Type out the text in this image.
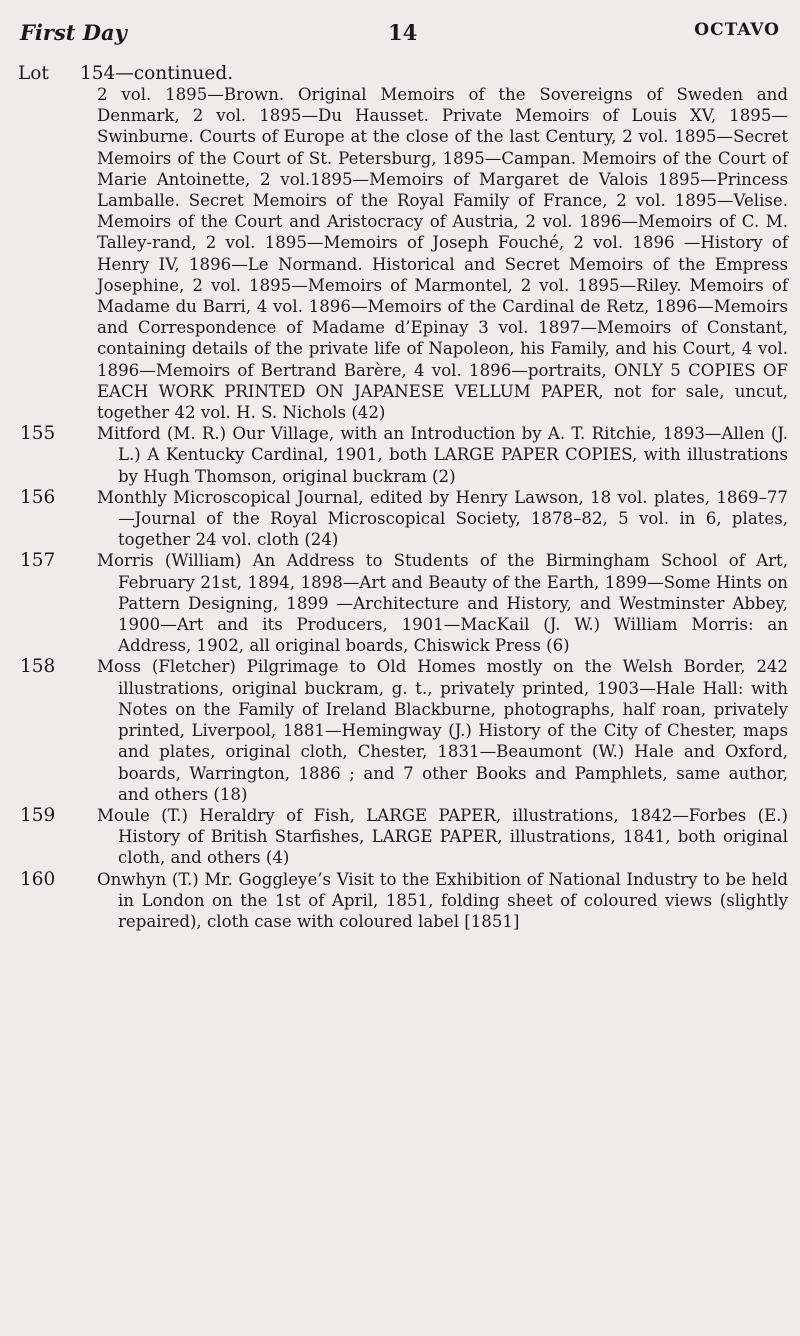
First Day	14	OCTAVO
Lot 154—continued.
2 vol. 1895—Brown. Original Memoirs of the Sovereigns of Sweden and Denmark, 2 vol. 1895—Du Hausset. Private Memoirs of Louis XV, 1895—Swinburne. Courts of Europe at the close of the last Century, 2 vol. 1895—Secret Memoirs of the Court of St. Petersburg, 1895—Campan. Memoirs of the Court of Marie Antoinette, 2 vol.1895—Memoirs of Margaret de Valois 1895—Princess Lamballe. Secret Memoirs of the Royal Family of France, 2 vol. 1895—Velise. Memoirs of the Court and Aristocracy of Austria, 2 vol. 1896—Memoirs of C. M. Talley-rand, 2 vol. 1895—Memoirs of Joseph Fouché, 2 vol. 1896 —History of Henry IV, 1896—Le Normand. Historical and Secret Memoirs of the Empress Josephine, 2 vol. 1895—Memoirs of Marmontel, 2 vol. 1895—Riley. Memoirs of Madame du Barri, 4 vol. 1896—Memoirs of the Cardinal de Retz, 1896—Memoirs and Correspondence of Madame d’Epinay 3 vol. 1897—Memoirs of Constant, containing details of the private life of Napoleon, his Family, and his Court, 4 vol. 1896—Memoirs of Bertrand Barère, 4 vol. 1896—portraits, ONLY 5 COPIES OF EACH WORK PRINTED ON JAPANESE VELLUM PAPER, not for sale, uncut, together 42 vol. H. S. Nichols (42)
155	Mitford (M. R.) Our Village, with an Introduction by A. T. Ritchie, 1893—Allen (J. L.) A Kentucky Cardinal, 1901, both LARGE PAPER COPIES, with illustrations by Hugh Thomson, original buckram (2)
156	Monthly Microscopical Journal, edited by Henry Lawson, 18 vol. plates, 1869–77—Journal of the Royal Microscopical Society, 1878–82, 5 vol. in 6, plates, together 24 vol. cloth (24)
157	Morris (William) An Address to Students of the Birmingham School of Art, February 21st, 1894, 1898—Art and Beauty of the Earth, 1899—Some Hints on Pattern Designing, 1899 —Architecture and History, and Westminster Abbey, 1900—Art and its Producers, 1901—MacKail (J. W.) William Morris: an Address, 1902, all original boards, Chiswick Press (6)
158	Moss (Fletcher) Pilgrimage to Old Homes mostly on the Welsh Border, 242 illustrations, original buckram, g. t., privately printed, 1903—Hale Hall: with Notes on the Family of Ireland Blackburne, photographs, half roan, privately printed, Liverpool, 1881—Hemingway (J.) History of the City of Chester, maps and plates, original cloth, Chester, 1831—Beaumont (W.) Hale and Oxford, boards, Warrington, 1886 ; and 7 other Books and Pamphlets, same author, and others (18)
159	Moule (T.) Heraldry of Fish, LARGE PAPER, illustrations, 1842—Forbes (E.) History of British Starfishes, LARGE PAPER, illustrations, 1841, both original cloth, and others (4)
160	Onwhyn (T.) Mr. Goggleye’s Visit to the Exhibition of National Industry to be held in London on the 1st of April, 1851, folding sheet of coloured views (slightly repaired), cloth case with coloured label [1851]
